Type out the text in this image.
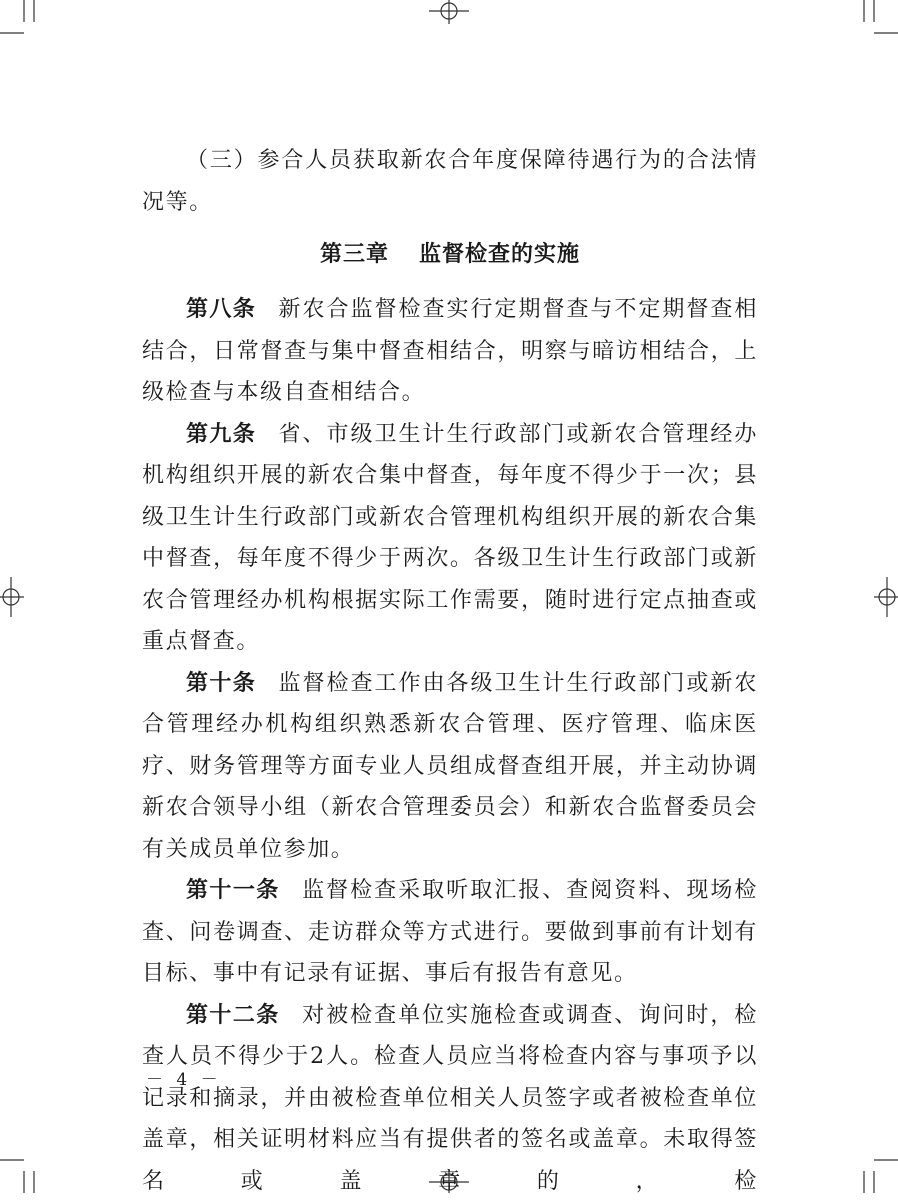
（三）参合人员获取新农合年度保障待遇行为的合法情况等。

第三章 监督检查的实施

第八条 新农合监督检查实行定期督查与不定期督查相结合，日常督查与集中督查相结合，明察与暗访相结合，上级检查与本级自查相结合。

第九条 省、市级卫生计生行政部门或新农合管理经办机构组织开展的新农合集中督查，每年度不得少于一次；县级卫生计生行政部门或新农合管理机构组织开展的新农合集中督查，每年度不得少于两次。各级卫生计生行政部门或新农合管理经办机构根据实际工作需要，随时进行定点抽查或重点督查。

第十条 监督检查工作由各级卫生计生行政部门或新农合管理经办机构组织熟悉新农合管理、医疗管理、临床医疗、财务管理等方面专业人员组成督查组开展，并主动协调新农合领导小组（新农合管理委员会）和新农合监督委员会有关成员单位参加。

第十一条 监督检查采取听取汇报、查阅资料、现场检查、问卷调查、走访群众等方式进行。要做到事前有计划有目标、事中有记录有证据、事后有报告有意见。

第十二条 对被检查单位实施检查或调查、询问时，检查人员不得少于2人。检查人员应当将检查内容与事项予以记录和摘录，并由被检查单位相关人员签字或者被检查单位盖章，相关证明材料应当有提供者的签名或盖章。未取得签名或盖章的，检

－ 4 －
